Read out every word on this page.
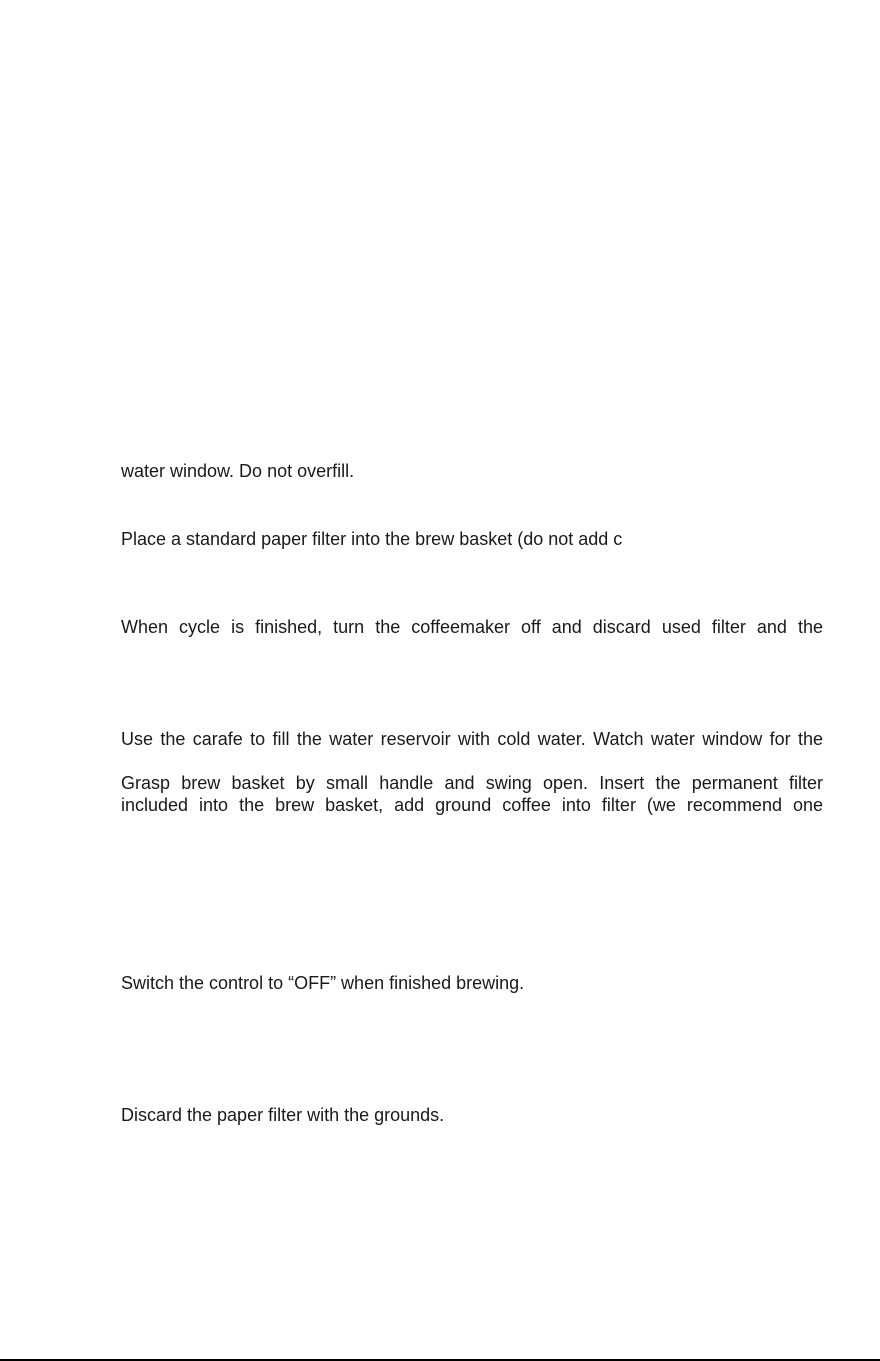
water window. Do not overfill.

Place a standard paper filter into the brew basket (do not add c

When cycle is finished, turn the coffeemaker off and discard used filter and the

Use the carafe to fill the water reservoir with cold water. Watch water window for the

Grasp brew basket by small handle and swing open. Insert the permanent filter

included into the brew basket, add ground coffee into filter (we recommend one

Switch the control to “OFF” when finished brewing.

Discard the paper filter with the grounds.
